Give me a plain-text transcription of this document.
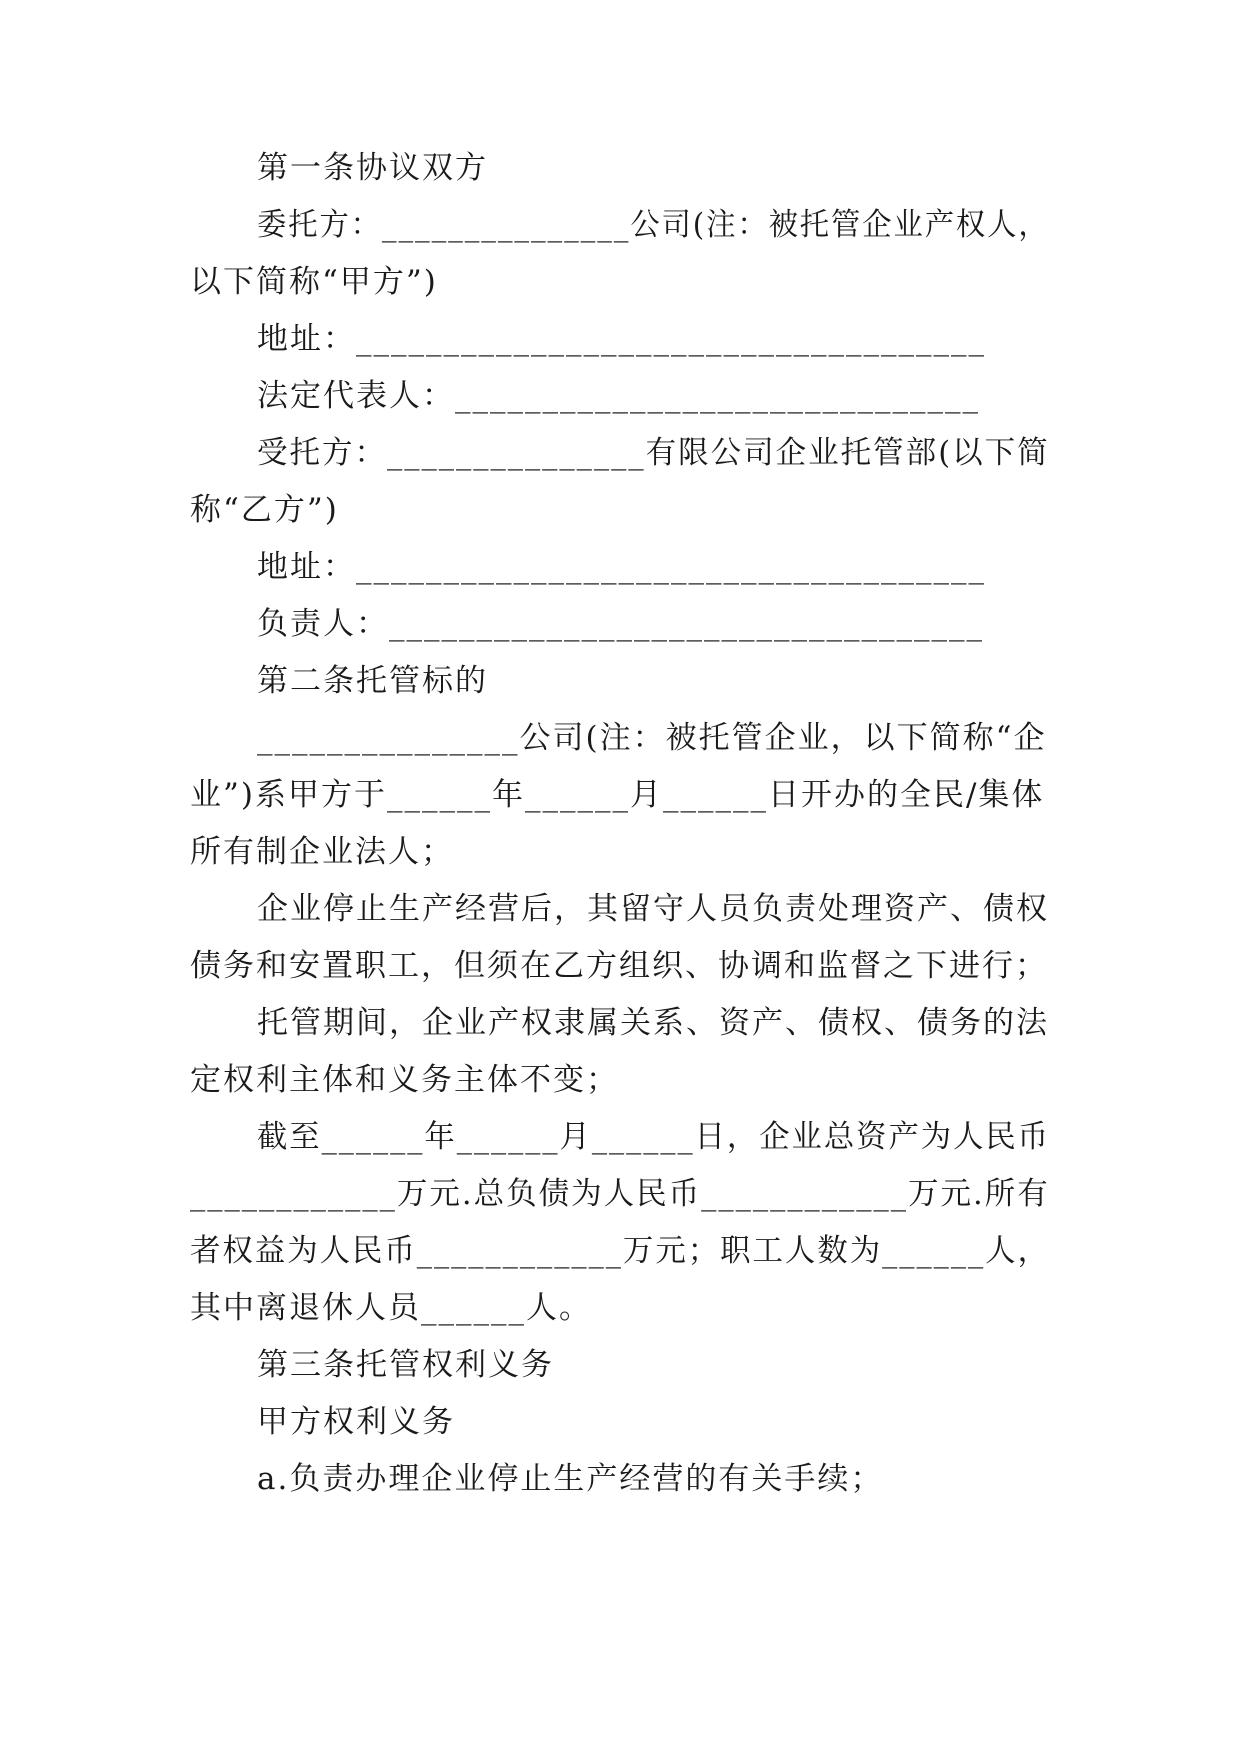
第一条协议双方
委托方：_______________公司(注：被托管企业产权人，
以下简称“甲方”)
地址：____________________________________
法定代表人：______________________________
受托方：_______________有限公司企业托管部(以下简
称“乙方”)
地址：____________________________________
负责人：__________________________________
第二条托管标的
_______________公司(注：被托管企业，以下简称“企
业”)系甲方于______年______月______日开办的全民/集体
所有制企业法人；
企业停止生产经营后，其留守人员负责处理资产、债权
债务和安置职工，但须在乙方组织、协调和监督之下进行；
托管期间，企业产权隶属关系、资产、债权、债务的法
定权利主体和义务主体不变；
截至______年______月______日，企业总资产为人民币
____________万元.总负债为人民币____________万元.所有
者权益为人民币____________万元；职工人数为______人，
其中离退休人员______人。
第三条托管权利义务
甲方权利义务
a.负责办理企业停止生产经营的有关手续；
